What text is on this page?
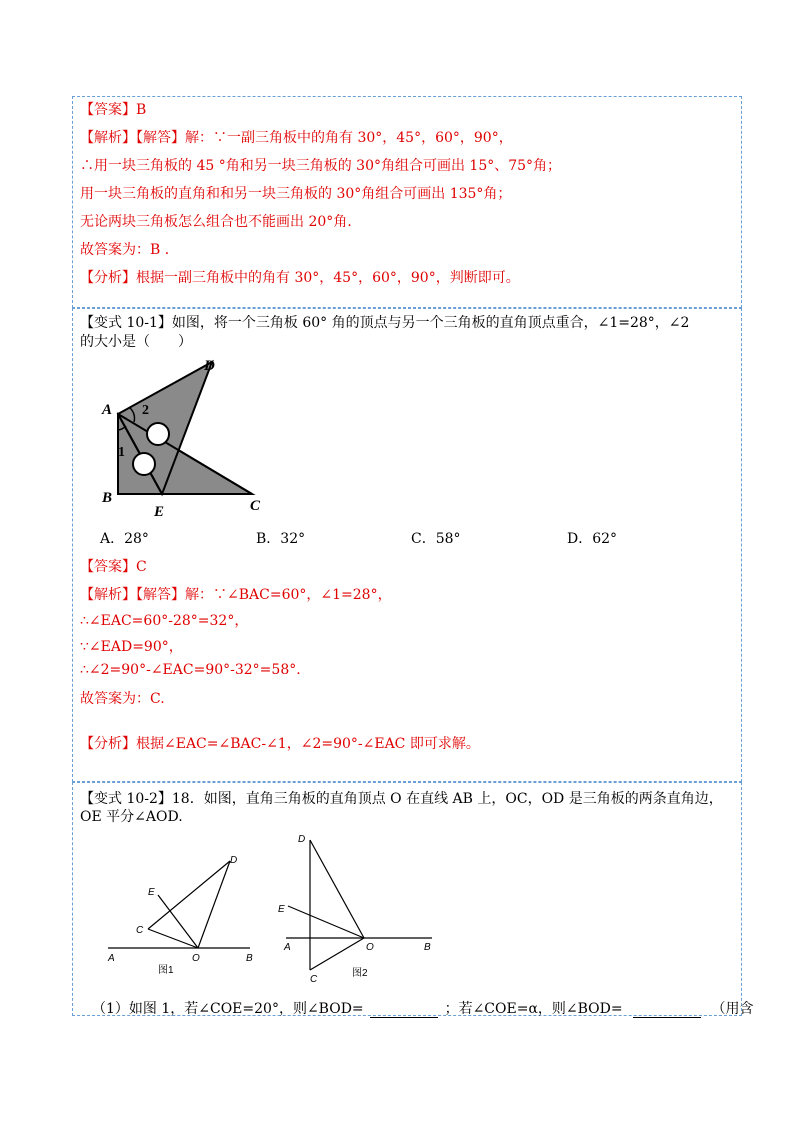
【答案】B
【解析】【解答】解：∵一副三角板中的角有 30°，45°，60°，90°，
∴用一块三角板的 45 °角和另一块三角板的 30°角组合可画出 15°、75°角；
用一块三角板的直角和和另一块三角板的 30°角组合可画出 135°角；
无论两块三角板怎么组合也不能画出 20°角.
故答案为：B ．
【分析】根据一副三角板中的角有 30°，45°，60°，90°，判断即可。
【变式 10-1】如图，将一个三角板 60° 角的顶点与另一个三角板的直角顶点重合，∠1=28°，∠2
的大小是（　　）
A
B	C
D
E
1
2
A．28°	B．32°	C．58°	D．62°
【答案】C
【解析】【解答】解：∵∠BAC=60°，∠1=28°，
∴∠EAC=60°-28°=32°，
∵∠EAD=90°，
∴∠2=90°-∠EAC=90°-32°=58°.
故答案为：C.
【分析】根据∠EAC=∠BAC-∠1，∠2=90°-∠EAC 即可求解。
【变式 10-2】18．如图，直角三角板的直角顶点 O 在直线 AB 上，OC，OD 是三角板的两条直角边，
OE 平分∠AOD.
A	B
C
D
E
O
图1
A	B
C
D
E
O
图2
（1）如图 1，若∠COE=20°，则∠BOD=	；若∠COE=α，则∠BOD=	（用含
